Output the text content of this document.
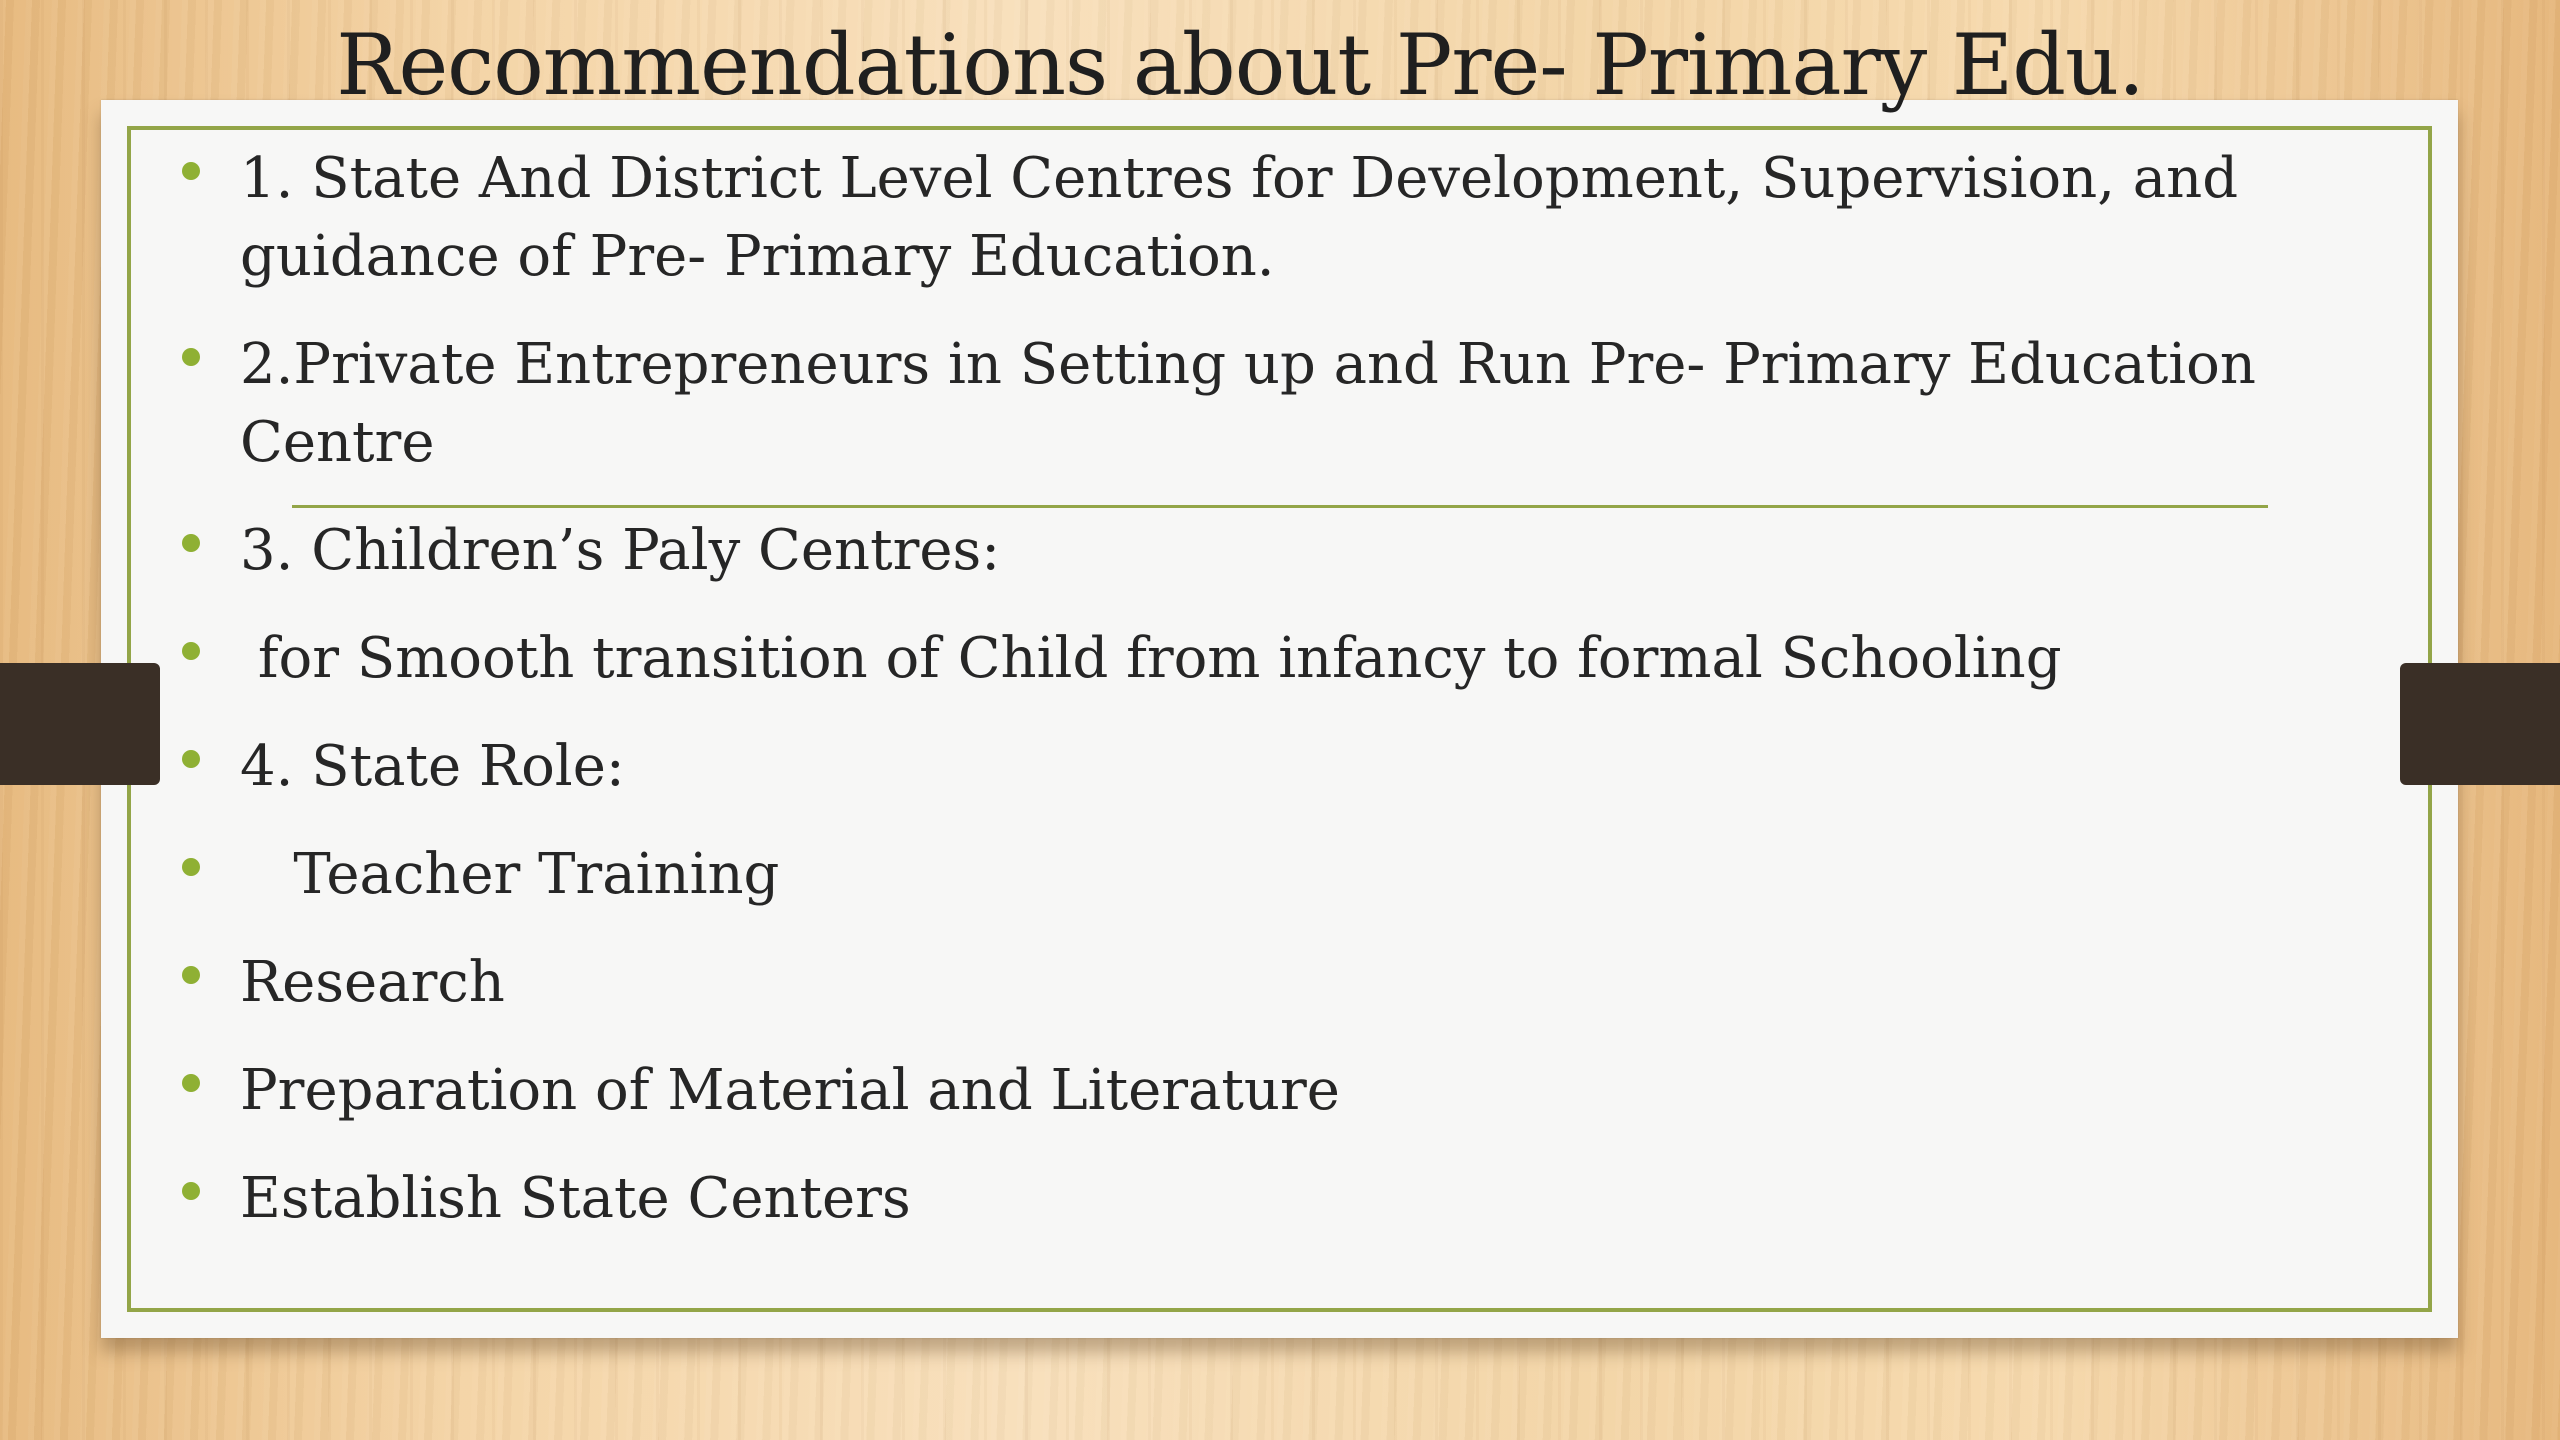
Recommendations about Pre- Primary Edu.
1. State And District Level Centres for Development, Supervision, and guidance of Pre- Primary Education.
2.Private Entrepreneurs in Setting up and Run Pre- Primary Education Centre
3. Children’s Paly Centres:
for Smooth transition of Child from infancy to formal Schooling
4. State Role:
Teacher Training
Research
Preparation of Material and Literature
Establish State Centers
